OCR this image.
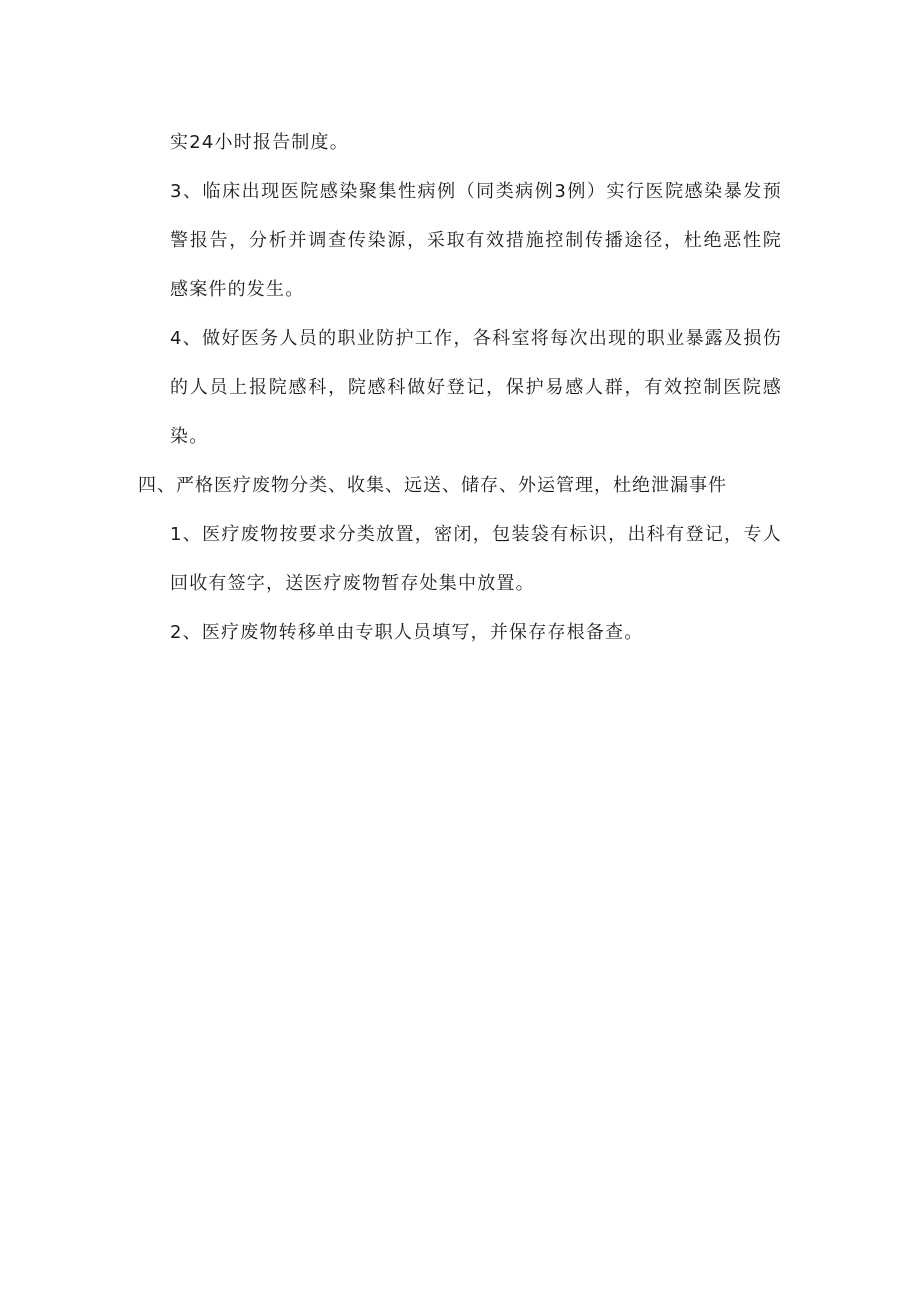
实24小时报告制度。
3、临床出现医院感染聚集性病例（同类病例3例）实行医院感染暴发预警报告，分析并调查传染源，采取有效措施控制传播途径，杜绝恶性院感案件的发生。
4、做好医务人员的职业防护工作，各科室将每次出现的职业暴露及损伤的人员上报院感科，院感科做好登记，保护易感人群，有效控制医院感染。
四、严格医疗废物分类、收集、远送、储存、外运管理，杜绝泄漏事件
1、医疗废物按要求分类放置，密闭，包装袋有标识，出科有登记，专人回收有签字，送医疗废物暂存处集中放置。
2、医疗废物转移单由专职人员填写，并保存存根备查。
